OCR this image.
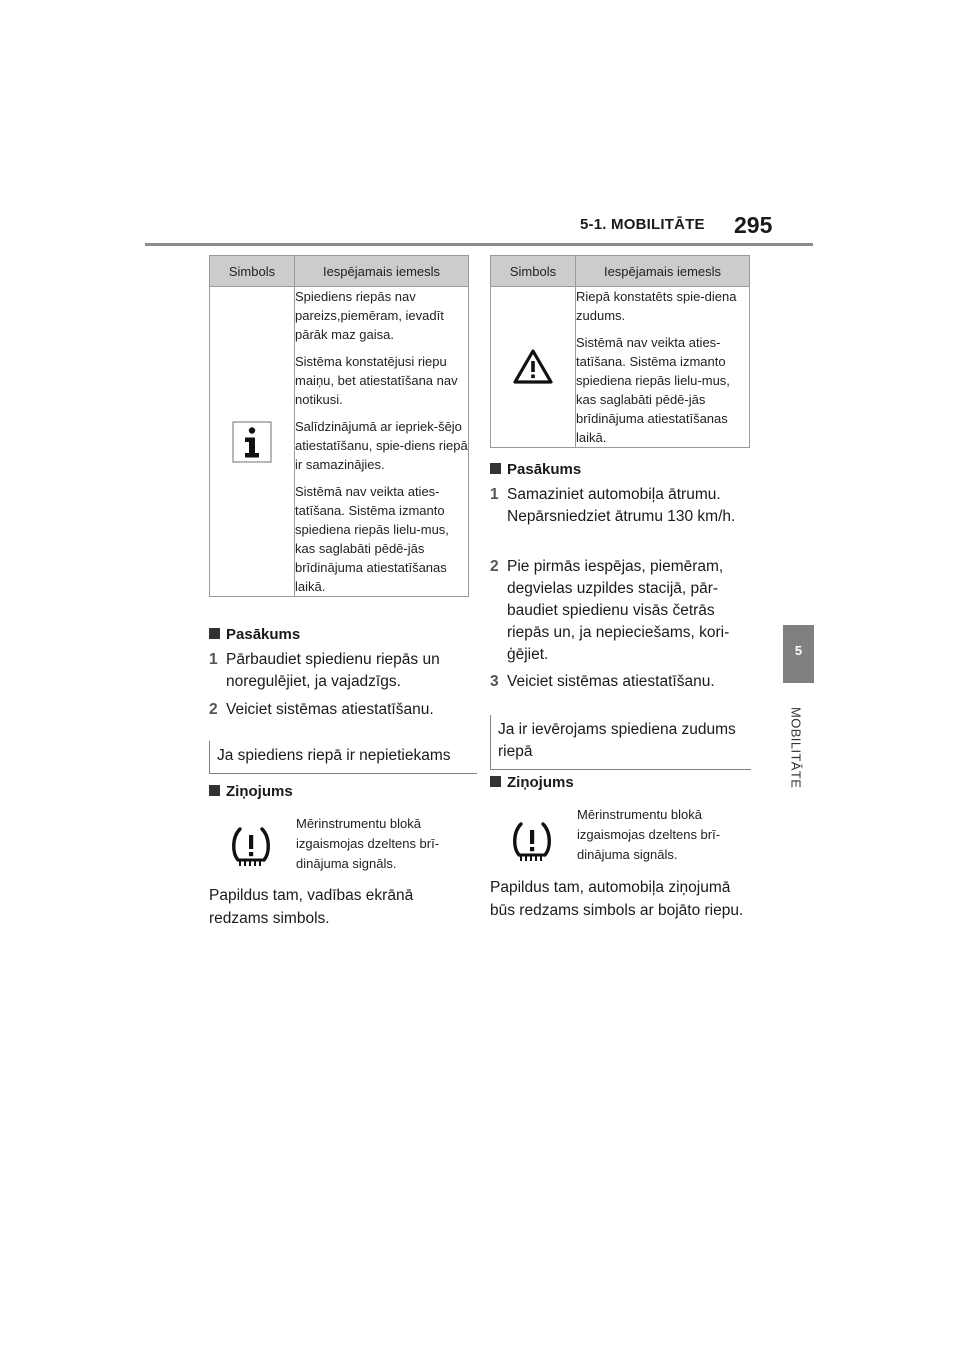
5-1. MOBILITĀTE 295
5
MOBILITĀTE
Simbols	Iespējamais iemesls

Spiediens riepās nav pareizs,piemēram, ievadīt pārāk maz gaisa.

Sistēma konstatējusi riepu maiņu, bet atiestatīšana nav notikusi.

Salīdzinājumā ar iepriek-šējo atiestatīšanu, spie-diens riepā ir samazinājies.

Sistēmā nav veikta aties-tatīšana. Sistēma izmanto spiediena riepās lielu-mus, kas saglabāti pēdē-jās brīdinājuma atiestatīšanas laikā.

Pasākums
1 Pārbaudiet spiedienu riepās un noregulējiet, ja vajadzīgs.
2 Veiciet sistēmas atiestatīšanu.
Ja spiediens riepā ir nepietiekams
Ziņojums
Mērinstrumentu blokā izgaismojas dzeltens brī-dinājuma signāls.
Papildus tam, vadības ekrānā redzams simbols.
Simbols	Iespējamais iemesls

Riepā konstatēts spie-diena zudums.

Sistēmā nav veikta aties-tatīšana. Sistēma izmanto spiediena riepās lielu-mus, kas saglabāti pēdē-jās brīdinājuma atiestatīšanas laikā.

Pasākums
1 Samaziniet automobiļa ātrumu. Nepārsniedziet ātrumu 130 km/h.
2 Pie pirmās iespējas, piemēram, degvielas uzpildes stacijā, pār-baudiet spiedienu visās četrās riepās un, ja nepieciešams, kori-ģējiet.
3 Veiciet sistēmas atiestatīšanu.
Ja ir ievērojams spiediena zudums riepā
Ziņojums
Mērinstrumentu blokā izgaismojas dzeltens brī-dinājuma signāls.
Papildus tam, automobiļa ziņojumā būs redzams simbols ar bojāto riepu.
